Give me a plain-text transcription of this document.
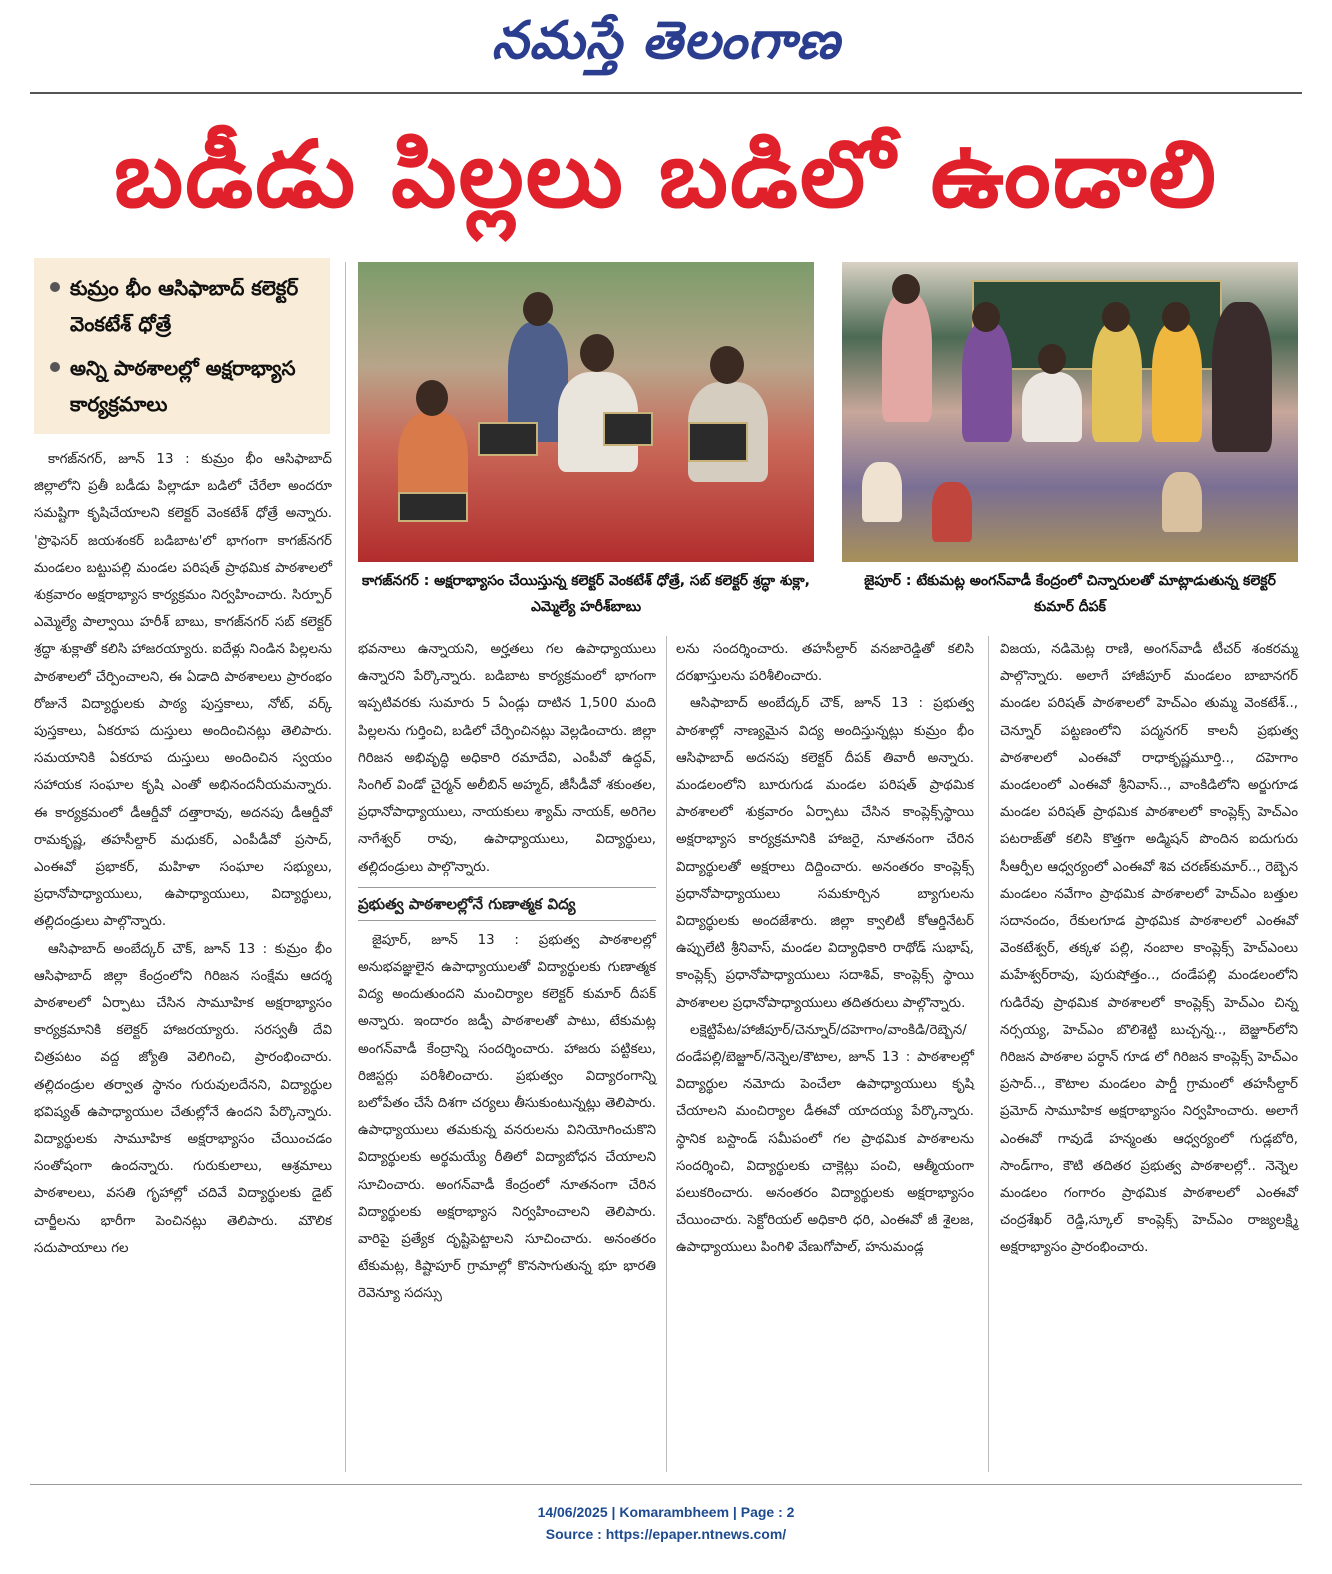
నమస్తే తెలంగాణ
బడీడు పిల్లలు బడిలో ఉండాలి
కుమ్రం భీం ఆసిఫాబాద్ కలెక్టర్ వెంకటేశ్ ధోత్రే
అన్ని పాఠశాలల్లో అక్షరాభ్యాస కార్యక్రమాలు
కాగజ్‌నగర్ : అక్షరాభ్యాసం చేయిస్తున్న కలెక్టర్ వెంకటేశ్ ధోత్రే, సబ్ కలెక్టర్ శ్రద్ధా శుక్లా, ఎమ్మెల్యే హరీశ్‌బాబు
జైపూర్ : టేకుమట్ల అంగన్‌వాడీ కేంద్రంలో చిన్నారులతో మాట్లాడుతున్న కలెక్టర్ కుమార్ దీపక్

కాగజ్‌నగర్, జూన్ 13 : కుమ్రం భీం ఆసిఫాబాద్ జిల్లాలోని ప్రతీ బడీడు పిల్లాడూ బడిలో చేరేలా అందరూ సమష్టిగా కృషిచేయాలని కలెక్టర్ వెంకటేశ్ ధోత్రే అన్నారు. 'ప్రొఫెసర్ జయశంకర్ బడిబాట'లో భాగంగా కాగజ్‌నగర్ మండలం బట్టుపల్లి మండల పరిషత్ ప్రాథమిక పాఠశాలలో శుక్రవారం అక్షరాభ్యాస కార్యక్రమం నిర్వహించారు. సిర్పూర్ ఎమ్మెల్యే పాల్వాయి హరీశ్ బాబు, కాగజ్‌నగర్ సబ్ కలెక్టర్ శ్రద్ధా శుక్లాతో కలిసి హాజరయ్యారు. ఐదేళ్లు నిండిన పిల్లలను పాఠశాలలో చేర్పించాలని, ఈ ఏడాది పాఠశాలలు ప్రారంభం రోజునే విద్యార్థులకు పాఠ్య పుస్తకాలు, నోట్, వర్క్ పుస్తకాలు, ఏకరూప దుస్తులు అందించినట్లు తెలిపారు. సమయానికి ఏకరూప దుస్తులు అందించిన స్వయం సహాయక సంఘాల కృషి ఎంతో అభినందనీయమన్నారు. ఈ కార్యక్రమంలో డీఆర్డీవో దత్తారావు, అదనపు డీఆర్డీవో రామకృష్ణ, తహసీల్దార్ మధుకర్, ఎంపీడీవో ప్రసాద్, ఎంఈవో ప్రభాకర్, మహిళా సంఘాల సభ్యులు, ప్రధానోపాధ్యాయులు, ఉపాధ్యాయులు, విద్యార్థులు, తల్లిదండ్రులు పాల్గొన్నారు.

ఆసిఫాబాద్ అంబేద్కర్ చౌక్, జూన్ 13 : కుమ్రం భీం ఆసిఫాబాద్ జిల్లా కేంద్రంలోని గిరిజన సంక్షేమ ఆదర్శ పాఠశాలలో ఏర్పాటు చేసిన సామూహిక అక్షరాభ్యాసం కార్యక్రమానికి కలెక్టర్ హాజరయ్యారు. సరస్వతీ దేవి చిత్రపటం వద్ద జ్యోతి వెలిగించి, ప్రారంభించారు. తల్లిదండ్రుల తర్వాత స్థానం గురువులదేనని, విద్యార్థుల భవిష్యత్ ఉపాధ్యాయుల చేతుల్లోనే ఉందని పేర్కొన్నారు. విద్యార్థులకు సామూహిక అక్షరాభ్యాసం చేయించడం సంతోషంగా ఉందన్నారు. గురుకులాలు, ఆశ్రమాలు పాఠశాలలు, వసతి గృహాల్లో చదివే విద్యార్థులకు డైట్ చార్జీలను భారీగా పెంచినట్లు తెలిపారు. మౌలిక సదుపాయాలు గల

భవనాలు ఉన్నాయని, అర్హతలు గల ఉపాధ్యాయులు ఉన్నారని పేర్కొన్నారు. బడిబాట కార్యక్రమంలో భాగంగా ఇప్పటివరకు సుమారు 5 ఏండ్లు దాటిన 1,500 మంది పిల్లలను గుర్తించి, బడిలో చేర్పించినట్లు వెల్లడించారు. జిల్లా గిరిజన అభివృద్ధి అధికారి రమాదేవి, ఎంపీవో ఉద్ధవ్, సింగిల్ విండో చైర్మన్ అలీబిన్ అహ్మద్, జీసీడీవో శకుంతల, ప్రధానోపాధ్యాయులు, నాయకులు శ్యామ్ నాయక్, అరిగెల నాగేశ్వర్ రావు, ఉపాధ్యాయులు, విద్యార్థులు, తల్లిదండ్రులు పాల్గొన్నారు.

ప్రభుత్వ పాఠశాలల్లోనే గుణాత్మక విద్య

జైపూర్, జూన్ 13 : ప్రభుత్వ పాఠశాలల్లో అనుభవజ్ఞులైన ఉపాధ్యాయులతో విద్యార్థులకు గుణాత్మక విద్య అందుతుందని మంచిర్యాల కలెక్టర్ కుమార్ దీపక్ అన్నారు. ఇందారం జడ్పీ పాఠశాలతో పాటు, టేకుమట్ల అంగన్‌వాడీ కేంద్రాన్ని సందర్శించారు. హాజరు పట్టికలు, రిజిస్టర్లు పరిశీలించారు. ప్రభుత్వం విద్యారంగాన్ని బలోపేతం చేసే దిశగా చర్యలు తీసుకుంటున్నట్లు తెలిపారు. ఉపాధ్యాయులు తమకున్న వనరులను వినియోగించుకొని విద్యార్థులకు అర్థమయ్యే రీతిలో విద్యాబోధన చేయాలని సూచించారు. అంగన్‌వాడీ కేంద్రంలో నూతనంగా చేరిన విద్యార్థులకు అక్షరాభ్యాస నిర్వహించాలని తెలిపారు. వారిపై ప్రత్యేక దృష్టిపెట్టాలని సూచించారు. అనంతరం టేకుమట్ల, కిష్టాపూర్ గ్రామాల్లో కొనసాగుతున్న భూ భారతి రెవెన్యూ సదస్సు

లను సందర్శించారు. తహసీల్దార్ వనజారెడ్డితో కలిసి దరఖాస్తులను పరిశీలించారు.

ఆసిఫాబాద్ అంబేద్కర్ చౌక్, జూన్ 13 : ప్రభుత్వ పాఠశాల్లో నాణ్యమైన విద్య అందిస్తున్నట్లు కుమ్రం భీం ఆసిఫాబాద్ అదనపు కలెక్టర్ దీపక్ తివారీ అన్నారు. మండలంలోని బూరుగుడ మండల పరిషత్ ప్రాథమిక పాఠశాలలో శుక్రవారం ఏర్పాటు చేసిన కాంప్లెక్స్‌స్థాయి అక్షరాభ్యాస కార్యక్రమానికి హాజరై, నూతనంగా చేరిన విద్యార్థులతో అక్షరాలు దిద్దించారు. అనంతరం కాంప్లెక్స్ ప్రధానోపాధ్యాయులు సమకూర్చిన బ్యాగులను విద్యార్థులకు అందజేశారు. జిల్లా క్వాలిటీ కోఆర్డినేటర్ ఉప్పులేటి శ్రీనివాస్, మండల విద్యాధికారి రాథోడ్ సుభాష్, కాంప్లెక్స్ ప్రధానోపాధ్యాయులు సదాశివ్, కాంప్లెక్స్ స్థాయి పాఠశాలల ప్రధానోపాధ్యాయులు తదితరులు పాల్గొన్నారు.

లక్షెట్టిపేట/హాజీపూర్/చెన్నూర్/దహెగాం/వాంకిడి/రెబ్బెన/దండేపల్లి/బెజ్జూర్/నెన్నెల/కౌటాల, జూన్ 13 : పాఠశాలల్లో విద్యార్థుల నమోదు పెంచేలా ఉపాధ్యాయులు కృషి చేయాలని మంచిర్యాల డీఈవో యాదయ్య పేర్కొన్నారు. స్థానిక బస్టాండ్ సమీపంలో గల ప్రాథమిక పాఠశాలను సందర్శించి, విద్యార్థులకు చాక్లెట్లు పంచి, ఆత్మీయంగా పలుకరించారు. అనంతరం విద్యార్థులకు అక్షరాభ్యాసం చేయించారు. సెక్టోరియల్ అధికారి ధరి, ఎంఈవో జీ శైలజ, ఉపాధ్యాయులు పింగిళి వేణుగోపాల్, హనుమండ్ల

విజయ, నడిమెట్ల రాణి, అంగన్‌వాడీ టీచర్ శంకరమ్మ పాల్గొన్నారు. అలాగే హాజీపూర్ మండలం బాబానగర్ మండల పరిషత్ పాఠశాలలో హెచ్‌ఎం తుమ్మ వెంకటేశ్.., చెన్నూర్ పట్టణంలోని పద్మనగర్ కాలనీ ప్రభుత్వ పాఠశాలలో ఎంఈవో రాధాకృష్ణమూర్తి.., దహెగాం మండలంలో ఎంఈవో శ్రీనివాస్.., వాంకిడిలోని అర్జుగూడ మండల పరిషత్ ప్రాథమిక పాఠశాలలో కాంప్లెక్స్ హెచ్‌ఎం పటరాజ్‌తో కలిసి కొత్తగా అడ్మిషన్ పొందిన ఐదుగురు సీఆర్పీల ఆధ్వర్యంలో ఎంఈవో శివ చరణ్‌కుమార్.., రెబ్బెన మండలం నవేగాం ప్రాథమిక పాఠశాలలో హెచ్‌ఎం బత్తుల సదానందం, రేకులగూడ ప్రాథమిక పాఠశాలలో ఎంఈవో వెంకటేశ్వర్, తక్కళ పల్లి, నంబాల కాంప్లెక్స్ హెచ్‌ఎంలు మహేశ్వర్‌రావు, పురుషోత్తం.., దండేపల్లి మండలంలోని గుడిరేవు ప్రాథమిక పాఠశాలలో కాంప్లెక్స్ హెచ్‌ఎం చిన్న నర్సయ్య, హెచ్‌ఎం బొలిశెట్టి బుచ్చన్న.., బెజ్జూర్‌లోని గిరిజన పాఠశాల పర్ధాన్ గూడ లో గిరిజన కాంప్లెక్స్ హెచ్‌ఎం ప్రసాద్.., కౌటాల మండలం పార్డీ గ్రామంలో తహసీల్దార్ ప్రమోద్ సామూహిక అక్షరాభ్యాసం నిర్వహించారు. అలాగే ఎంఈవో గావుడే హన్మంతు ఆధ్వర్యంలో గుడ్లబోరి, సాండ్‌గాం, కౌటి తదితర ప్రభుత్వ పాఠశాలల్లో.. నెన్నెల మండలం గంగారం ప్రాథమిక పాఠశాలలో ఎంఈవో చంద్రశేఖర్ రెడ్డి,స్కూల్ కాంప్లెక్స్ హెచ్‌ఎం రాజ్యలక్ష్మి అక్షరాభ్యాసం ప్రారంభించారు.

14/06/2025 | Komarambheem | Page : 2
Source : https://epaper.ntnews.com/
